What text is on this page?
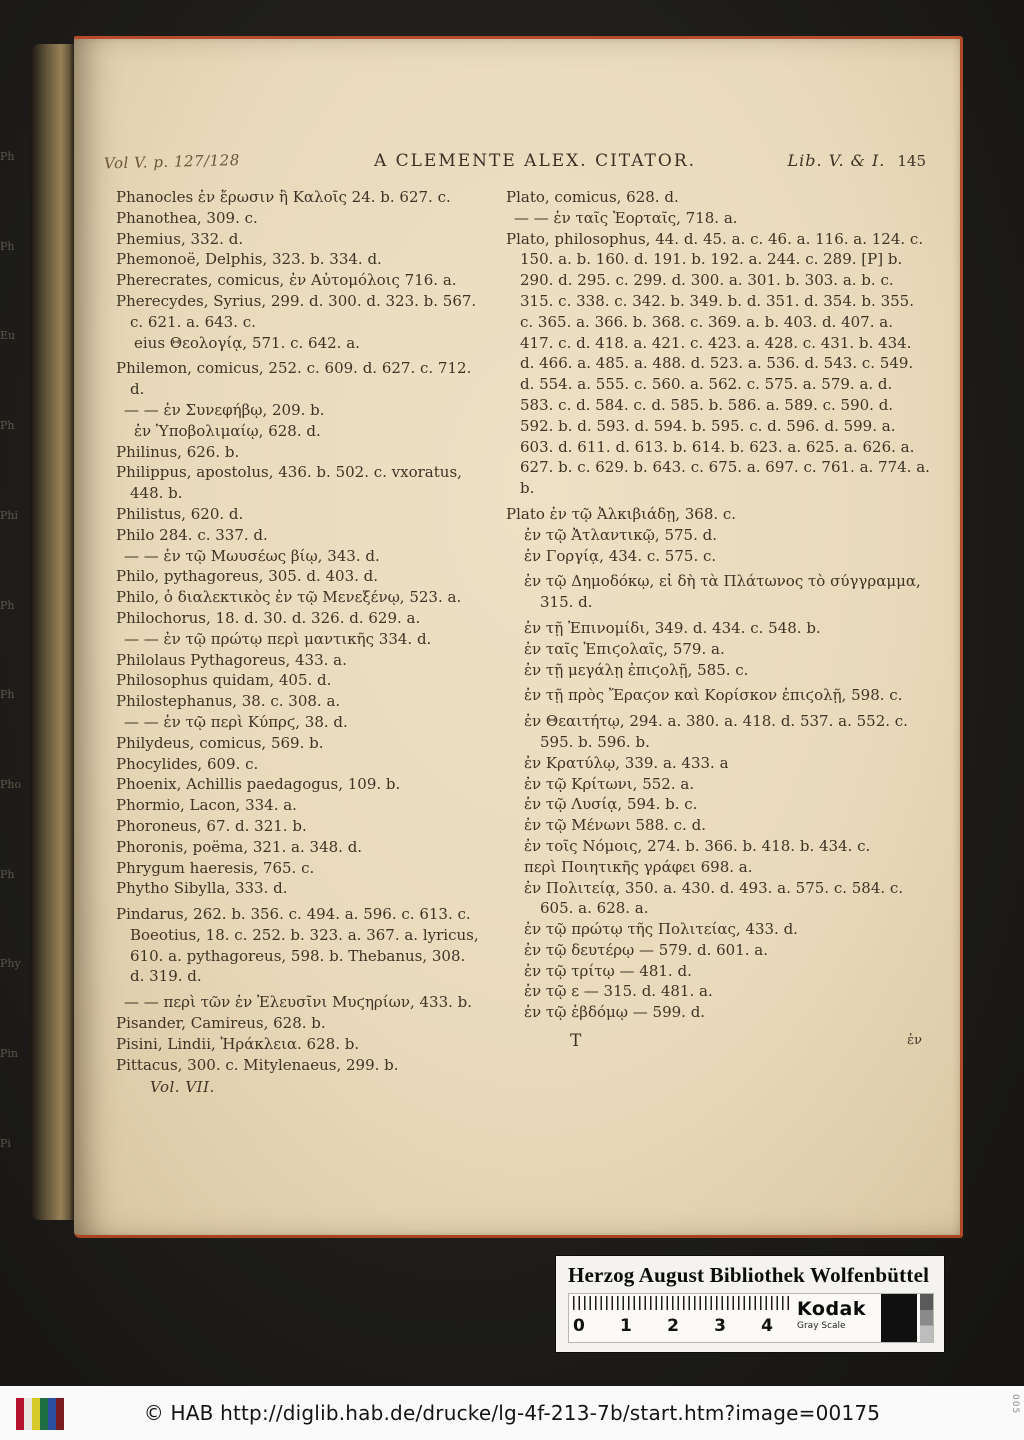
Ph
Ph
Eu
Ph
Phi
Ph
Ph
Pho
Ph
Phy
Pin
Pi
Vol V. p. 127/128	A CLEMENTE ALEX. CITATOR.	Lib. V. & I. 145

Phanocles ἐν ἔρωσιν ἢ Καλοῖς 24. b. 627. c.

Phanothea, 309. c.

Phemius, 332. d.

Phemonoë, Delphis, 323. b. 334. d.

Pherecrates, comicus, ἐν Αὐτομόλοις 716. a.

Pherecydes, Syrius, 299. d. 300. d. 323. b. 567. c. 621. a. 643. c.

eius Θεολογίᾳ, 571. c. 642. a.

Philemon, comicus, 252. c. 609. d. 627. c. 712. d.

— — ἐν Συνεφήβῳ, 209. b.

ἐν Ὑποβολιμαίῳ, 628. d.

Philinus, 626. b.

Philippus, apostolus, 436. b. 502. c. vxoratus, 448. b.

Philistus, 620. d.

Philo 284. c. 337. d.

— — ἐν τῷ Μωυσέως βίῳ, 343. d.

Philo, pythagoreus, 305. d. 403. d.

Philo, ὁ διαλεκτικὸς ἐν τῷ Μενεξένῳ, 523. a.

Philochorus, 18. d. 30. d. 326. d. 629. a.

— — ἐν τῷ πρώτῳ περὶ μαντικῆς 334. d.

Philolaus Pythagoreus, 433. a.

Philosophus quidam, 405. d.

Philostephanus, 38. c. 308. a.

— — ἐν τῷ περὶ Κύπρϛ, 38. d.

Philydeus, comicus, 569. b.

Phocylides, 609. c.

Phoenix, Achillis paedagogus, 109. b.

Phormio, Lacon, 334. a.

Phoroneus, 67. d. 321. b.

Phoronis, poëma, 321. a. 348. d.

Phrygum haeresis, 765. c.

Phytho Sibylla, 333. d.

Pindarus, 262. b. 356. c. 494. a. 596. c. 613. c. Boeotius, 18. c. 252. b. 323. a. 367. a. lyricus, 610. a. pythagoreus, 598. b. Thebanus, 308. d. 319. d.

— — περὶ τῶν ἐν Ἐλευσῖνι Μυϛηρίων, 433. b.

Pisander, Camireus, 628. b.

Pisini, Lindii, Ἡράκλεια. 628. b.

Pittacus, 300. c. Mitylenaeus, 299. b.

Vol. VII.

Plato, comicus, 628. d.

— — ἐν ταῖς Ἑορταῖς, 718. a.

Plato, philosophus, 44. d. 45. a. c. 46. a. 116. a. 124. c. 150. a. b. 160. d. 191. b. 192. a. 244. c. 289. [P] b. 290. d. 295. c. 299. d. 300. a. 301. b. 303. a. b. c. 315. c. 338. c. 342. b. 349. b. d. 351. d. 354. b. 355. c. 365. a. 366. b. 368. c. 369. a. b. 403. d. 407. a. 417. c. d. 418. a. 421. c. 423. a. 428. c. 431. b. 434. d. 466. a. 485. a. 488. d. 523. a. 536. d. 543. c. 549. d. 554. a. 555. c. 560. a. 562. c. 575. a. 579. a. d. 583. c. d. 584. c. d. 585. b. 586. a. 589. c. 590. d. 592. b. d. 593. d. 594. b. 595. c. d. 596. d. 599. a. 603. d. 611. d. 613. b. 614. b. 623. a. 625. a. 626. a. 627. b. c. 629. b. 643. c. 675. a. 697. c. 761. a. 774. a. b.

Plato ἐν τῷ Ἀλκιβιάδῃ, 368. c.

ἐν τῷ Ἀτλαντικῷ, 575. d.

ἐν Γοργίᾳ, 434. c. 575. c.

ἐν τῷ Δημοδόκῳ, εἰ δὴ τὰ Πλάτωνος τὸ σύγγραμμα, 315. d.

ἐν τῇ Ἐπινομίδι, 349. d. 434. c. 548. b.

ἐν ταῖς Ἐπιϛολαῖς, 579. a.

ἐν τῇ μεγάλῃ ἐπιϛολῇ, 585. c.

ἐν τῇ πρὸς Ἔραϛον καὶ Κορίσκον ἐπιϛολῇ, 598. c.

ἐν Θεαιτήτῳ, 294. a. 380. a. 418. d. 537. a. 552. c. 595. b. 596. b.

ἐν Κρατύλῳ, 339. a. 433. a

ἐν τῷ Κρίτωνι, 552. a.

ἐν τῷ Λυσίᾳ, 594. b. c.

ἐν τῷ Μένωνι 588. c. d.

ἐν τοῖς Νόμοις, 274. b. 366. b. 418. b. 434. c.

περὶ Ποιητικῆς γράφει 698. a.

ἐν Πολιτείᾳ, 350. a. 430. d. 493. a. 575. c. 584. c. 605. a. 628. a.

ἐν τῷ πρώτῳ τῆς Πολιτείας, 433. d.

ἐν τῷ δευτέρῳ — 579. d. 601. a.

ἐν τῷ τρίτῳ — 481. d.

ἐν τῷ ε — 315. d. 481. a.

ἐν τῷ ἑβδόμῳ — 599. d.

T	ἐν
Herzog August Bibliothek Wolfenbüttel
0 1 2 3 4
Kodak
Gray Scale
© HAB http://diglib.hab.de/drucke/lg-4f-213-7b/start.htm?image=00175	005
